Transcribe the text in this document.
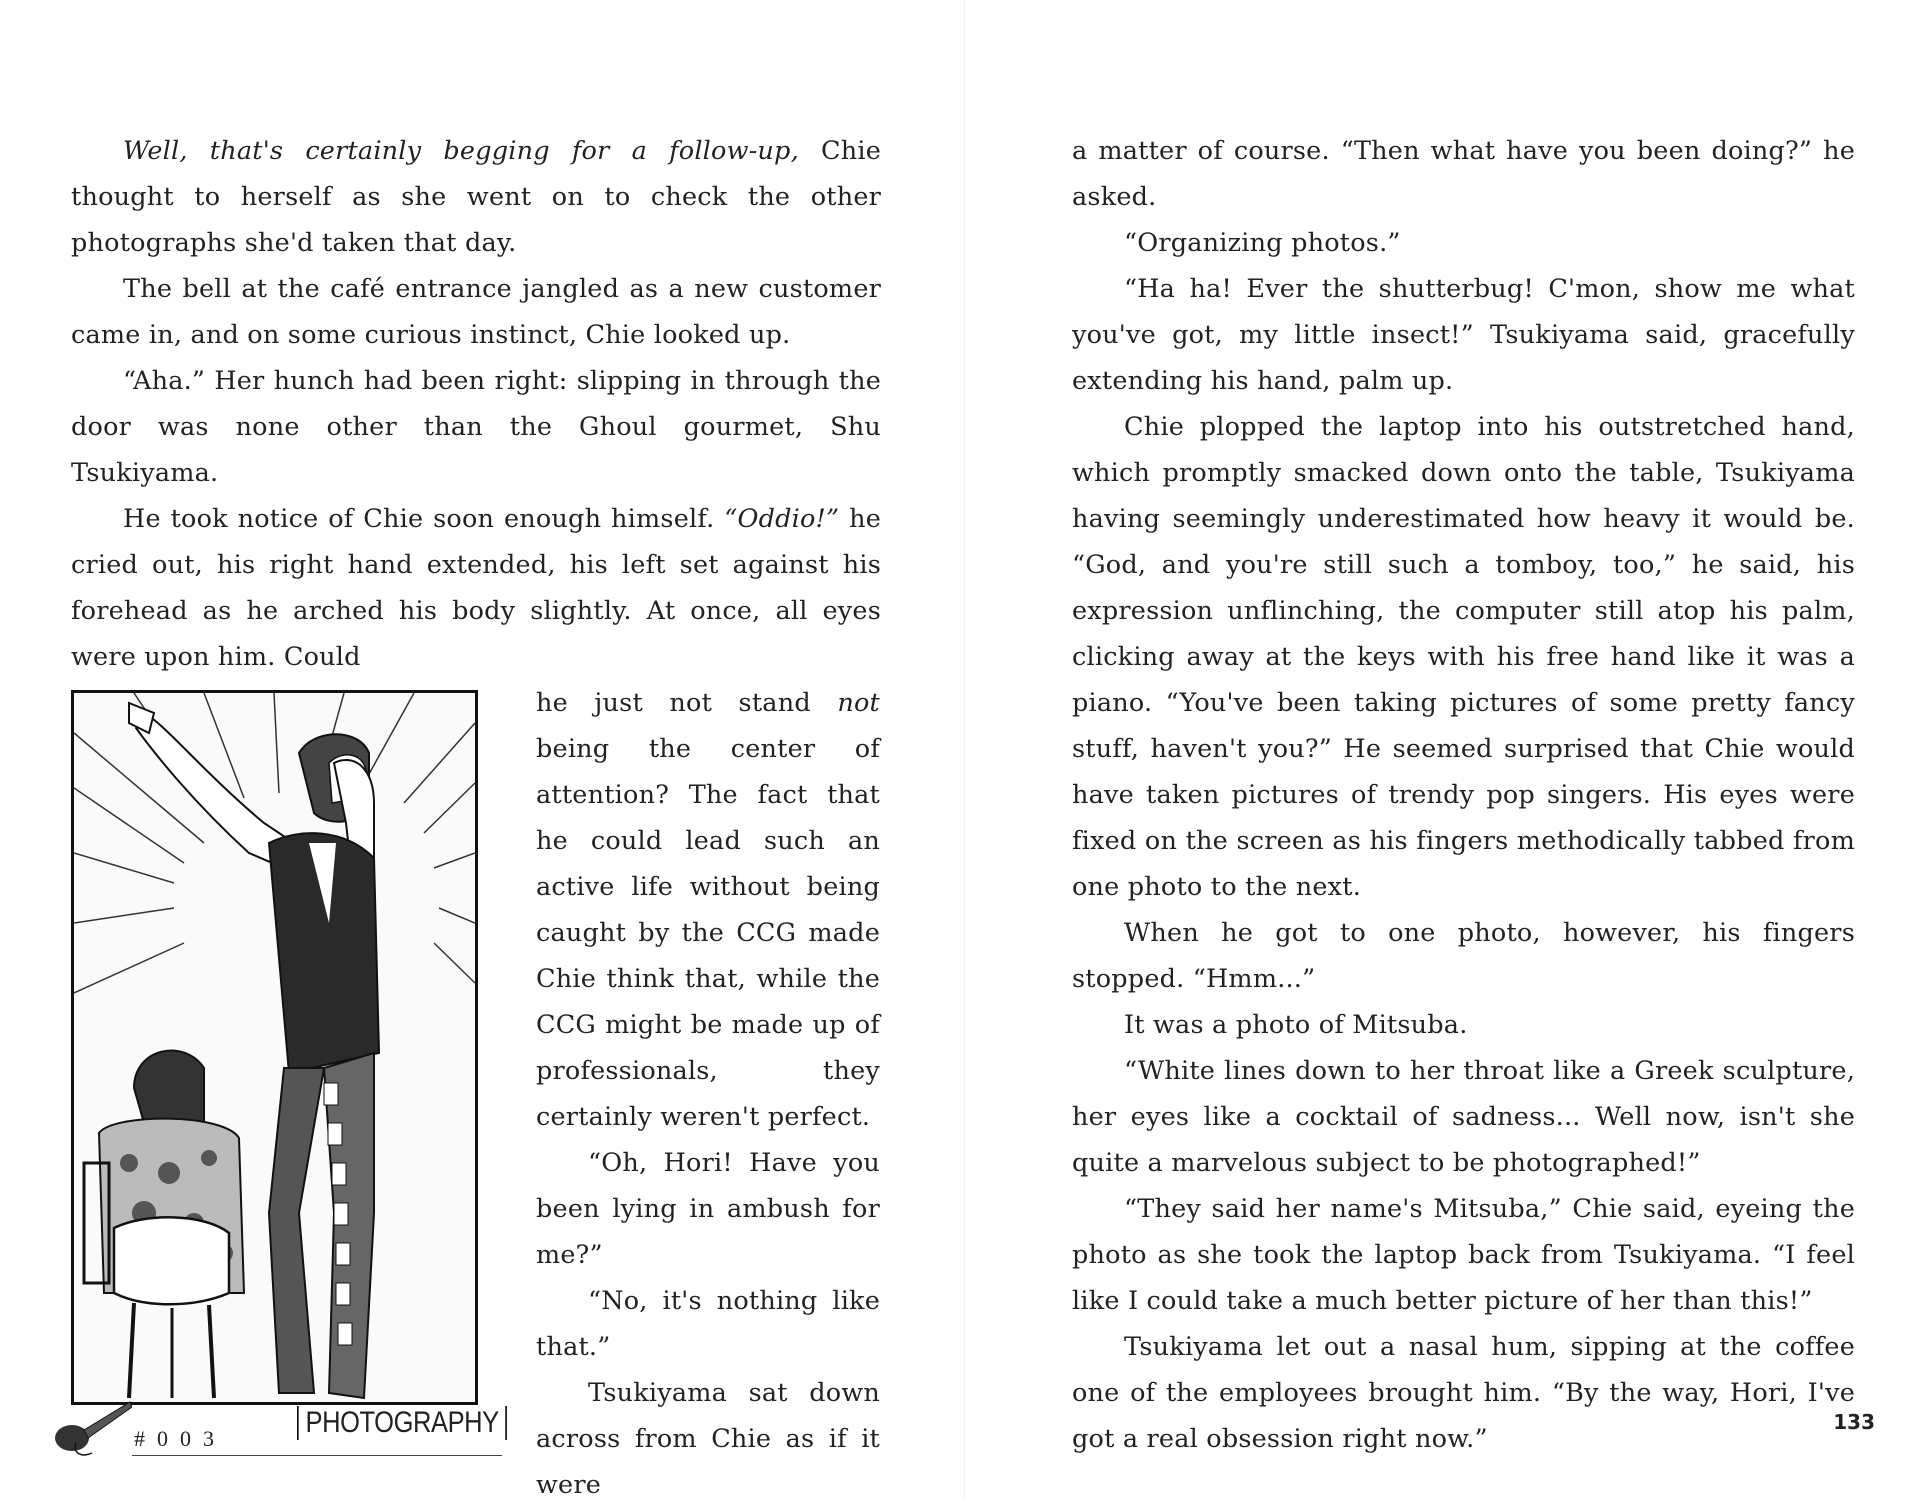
Well, that's certainly begging for a follow-up, Chie thought to herself as she went on to check the other photographs she'd taken that day.

The bell at the café entrance jangled as a new customer came in, and on some curious instinct, Chie looked up.

“Aha.” Her hunch had been right: slipping in through the door was none other than the Ghoul gourmet, Shu Tsukiyama.

He took notice of Chie soon enough himself. “Oddio!” he cried out, his right hand extended, his left set against his forehead as he arched his body slightly. At once, all eyes were upon him. Could

he just not stand not being the center of attention? The fact that he could lead such an active life without being caught by the CCG made Chie think that, while the CCG might be made up of professionals, they certainly weren't perfect.

“Oh, Hori! Have you been lying in ambush for me?”

“No, it's nothing like that.”

Tsukiyama sat down across from Chie as if it were

#003	PHOTOGRAPHY

a matter of course. “Then what have you been doing?” he asked.

“Organizing photos.”

“Ha ha! Ever the shutterbug! C'mon, show me what you've got, my little insect!” Tsukiyama said, gracefully extending his hand, palm up.

Chie plopped the laptop into his outstretched hand, which promptly smacked down onto the table, Tsukiyama having seemingly underestimated how heavy it would be. “God, and you're still such a tomboy, too,” he said, his expression unflinching, the computer still atop his palm, clicking away at the keys with his free hand like it was a piano. “You've been taking pictures of some pretty fancy stuff, haven't you?” He seemed surprised that Chie would have taken pictures of trendy pop singers. His eyes were fixed on the screen as his fingers methodically tabbed from one photo to the next.

When he got to one photo, however, his fingers stopped. “Hmm...”

It was a photo of Mitsuba.

“White lines down to her throat like a Greek sculpture, her eyes like a cocktail of sadness... Well now, isn't she quite a marvelous subject to be photographed!”

“They said her name's Mitsuba,” Chie said, eyeing the photo as she took the laptop back from Tsukiyama. “I feel like I could take a much better picture of her than this!”

Tsukiyama let out a nasal hum, sipping at the coffee one of the employees brought him. “By the way, Hori, I've got a real obsession right now.”

133
